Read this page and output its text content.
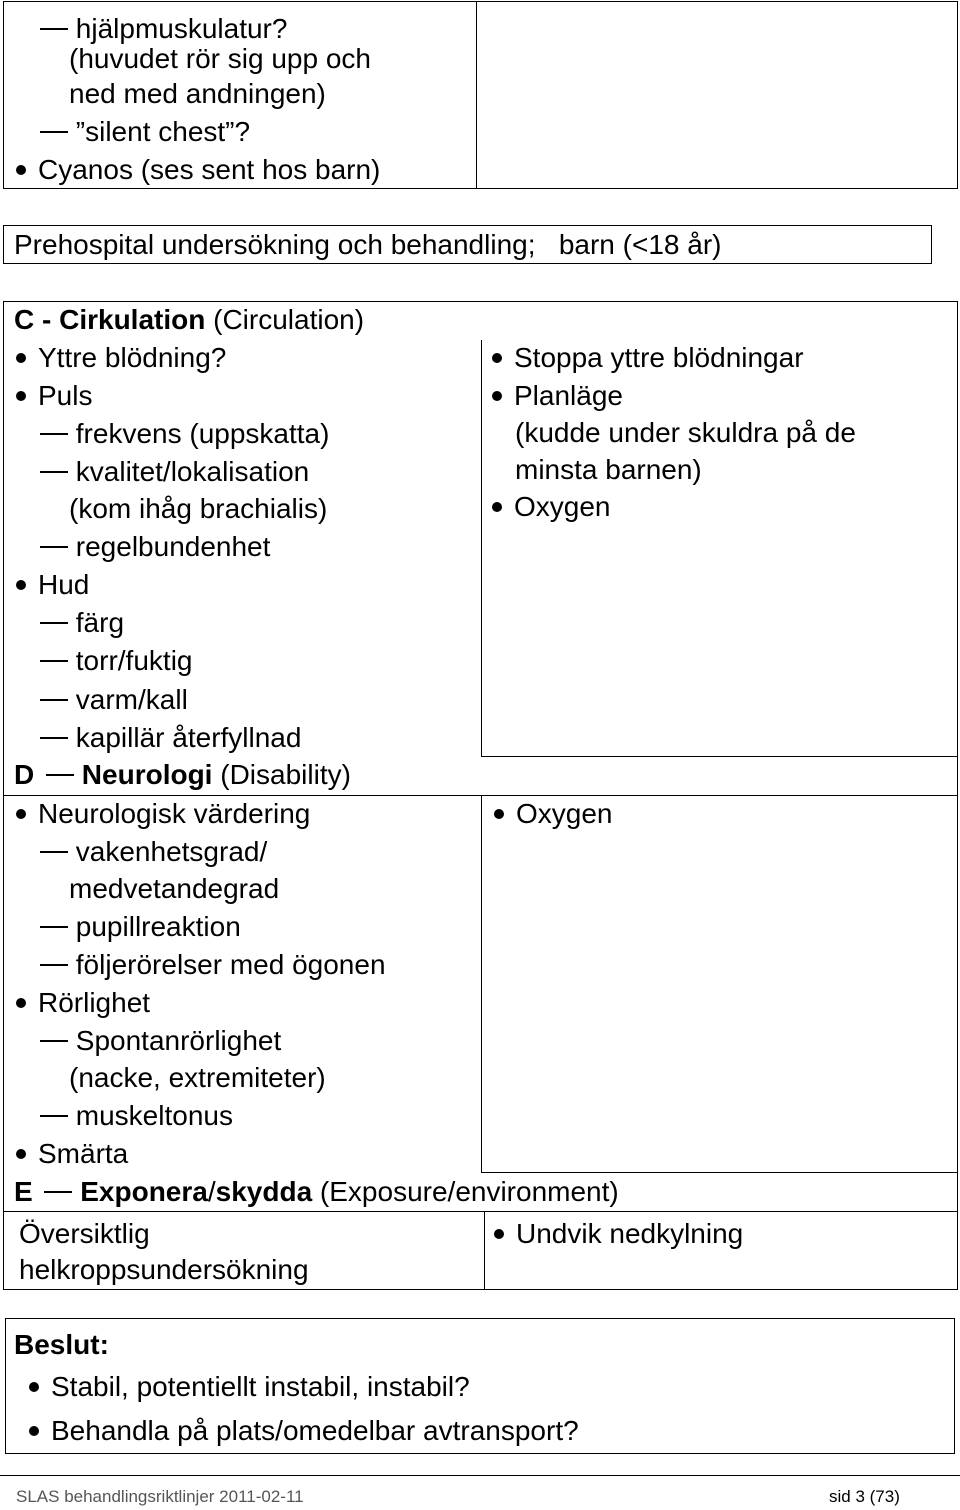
hjälpmuskulatur?
(huvudet rör sig upp och
ned med andningen)
”silent chest”?
Cyanos (ses sent hos barn)
Prehospital undersökning och behandling;   barn (<18 år)
C - Cirkulation (Circulation)
Yttre blödning?
Puls
frekvens (uppskatta)
kvalitet/lokalisation
(kom ihåg brachialis)
regelbundenhet
Hud
färg
torr/fuktig
varm/kall
kapillär återfyllnad
Stoppa yttre blödningar
Planläge
(kudde under skuldra på de
minsta barnen)
Oxygen
D Neurologi (Disability)
Neurologisk värdering
vakenhetsgrad/
medvetandegrad
pupillreaktion
följerörelser med ögonen
Rörlighet
Spontanrörlighet
(nacke, extremiteter)
muskeltonus
Smärta
Oxygen
E Exponera/skydda (Exposure/environment)
Översiktlig
helkroppsundersökning
Undvik nedkylning
Beslut:
Stabil, potentiellt instabil, instabil?
Behandla på plats/omedelbar avtransport?
SLAS behandlingsriktlinjer 2011-02-11	sid 3 (73)
